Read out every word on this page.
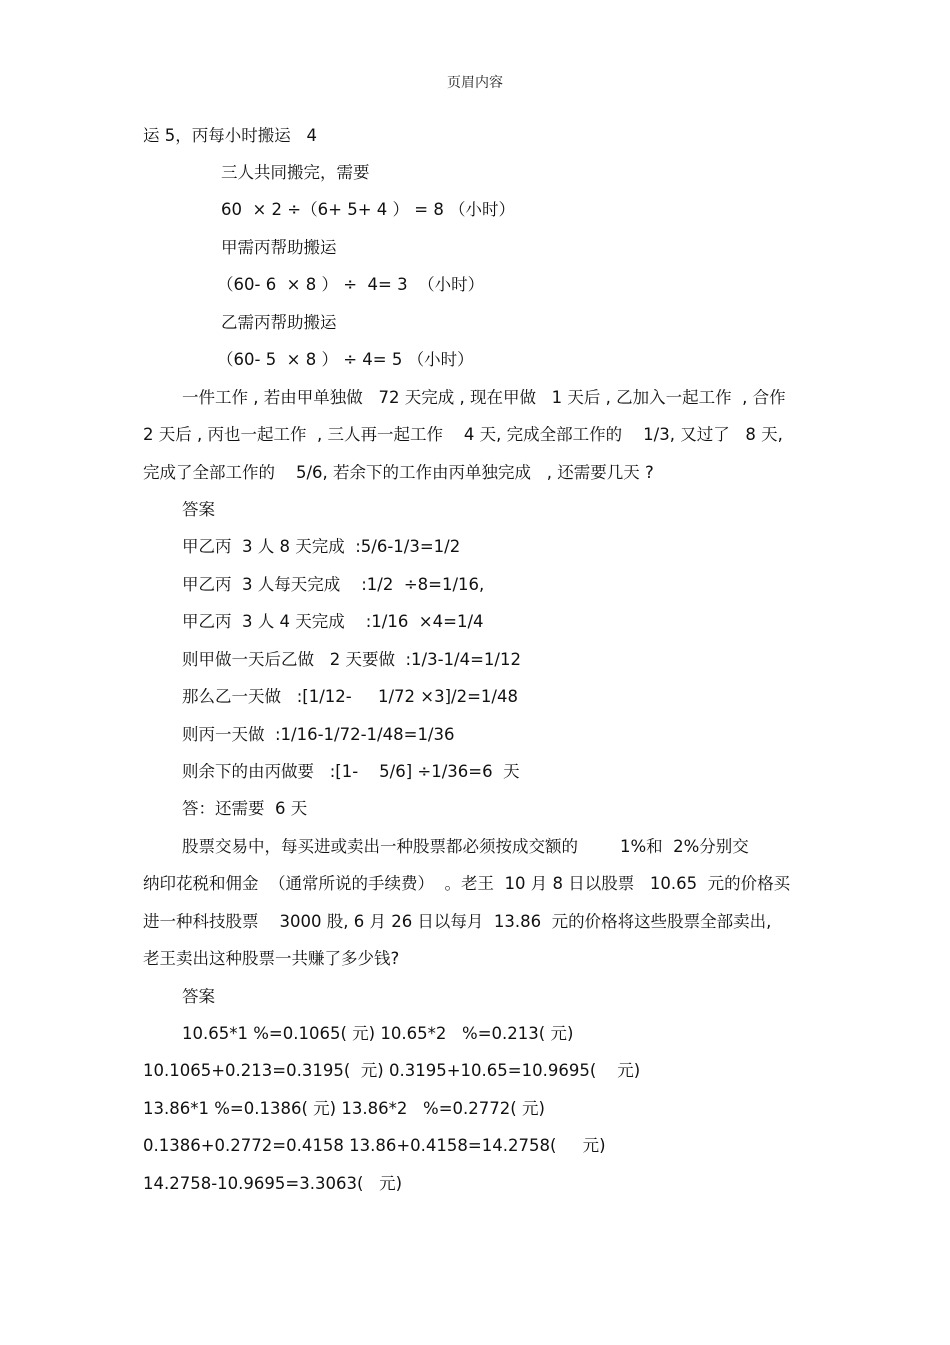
页眉内容
运 5，丙每小时搬运   4
三人共同搬完，需要
60  × 2 ÷（6+ 5+ 4 ） = 8 （小时）
甲需丙帮助搬运
（60- 6  × 8 ） ÷  4= 3  （小时）
乙需丙帮助搬运
（60- 5  × 8 ） ÷ 4= 5 （小时）
一件工作 , 若由甲单独做   72 天完成 , 现在甲做   1 天后 , 乙加入一起工作  , 合作
2 天后 , 丙也一起工作  , 三人再一起工作    4 天, 完成全部工作的    1/3, 又过了   8 天,
完成了全部工作的    5/6, 若余下的工作由丙单独完成   , 还需要几天 ?
答案
甲乙丙  3 人 8 天完成  :5/6-1/3=1/2
甲乙丙  3 人每天完成    :1/2  ÷8=1/16,
甲乙丙  3 人 4 天完成    :1/16  ×4=1/4
则甲做一天后乙做   2 天要做  :1/3-1/4=1/12
那么乙一天做   :[1/12-     1/72 ×3]/2=1/48
则丙一天做  :1/16-1/72-1/48=1/36
则余下的由丙做要   :[1-    5/6] ÷1/36=6  天
答：还需要  6 天
股票交易中，每买进或卖出一种股票都必须按成交额的        1%和  2%分别交
纳印花税和佣金  （通常所说的手续费）  。老王  10 月 8 日以股票   10.65  元的价格买
进一种科技股票    3000 股, 6 月 26 日以每月  13.86  元的价格将这些股票全部卖出,
老王卖出这种股票一共赚了多少钱?
答案
10.65*1 %=0.1065( 元) 10.65*2   %=0.213( 元)
10.1065+0.213=0.3195(  元) 0.3195+10.65=10.9695(    元)
13.86*1 %=0.1386( 元) 13.86*2   %=0.2772( 元)
0.1386+0.2772=0.4158 13.86+0.4158=14.2758(     元)
14.2758-10.9695=3.3063(   元)
